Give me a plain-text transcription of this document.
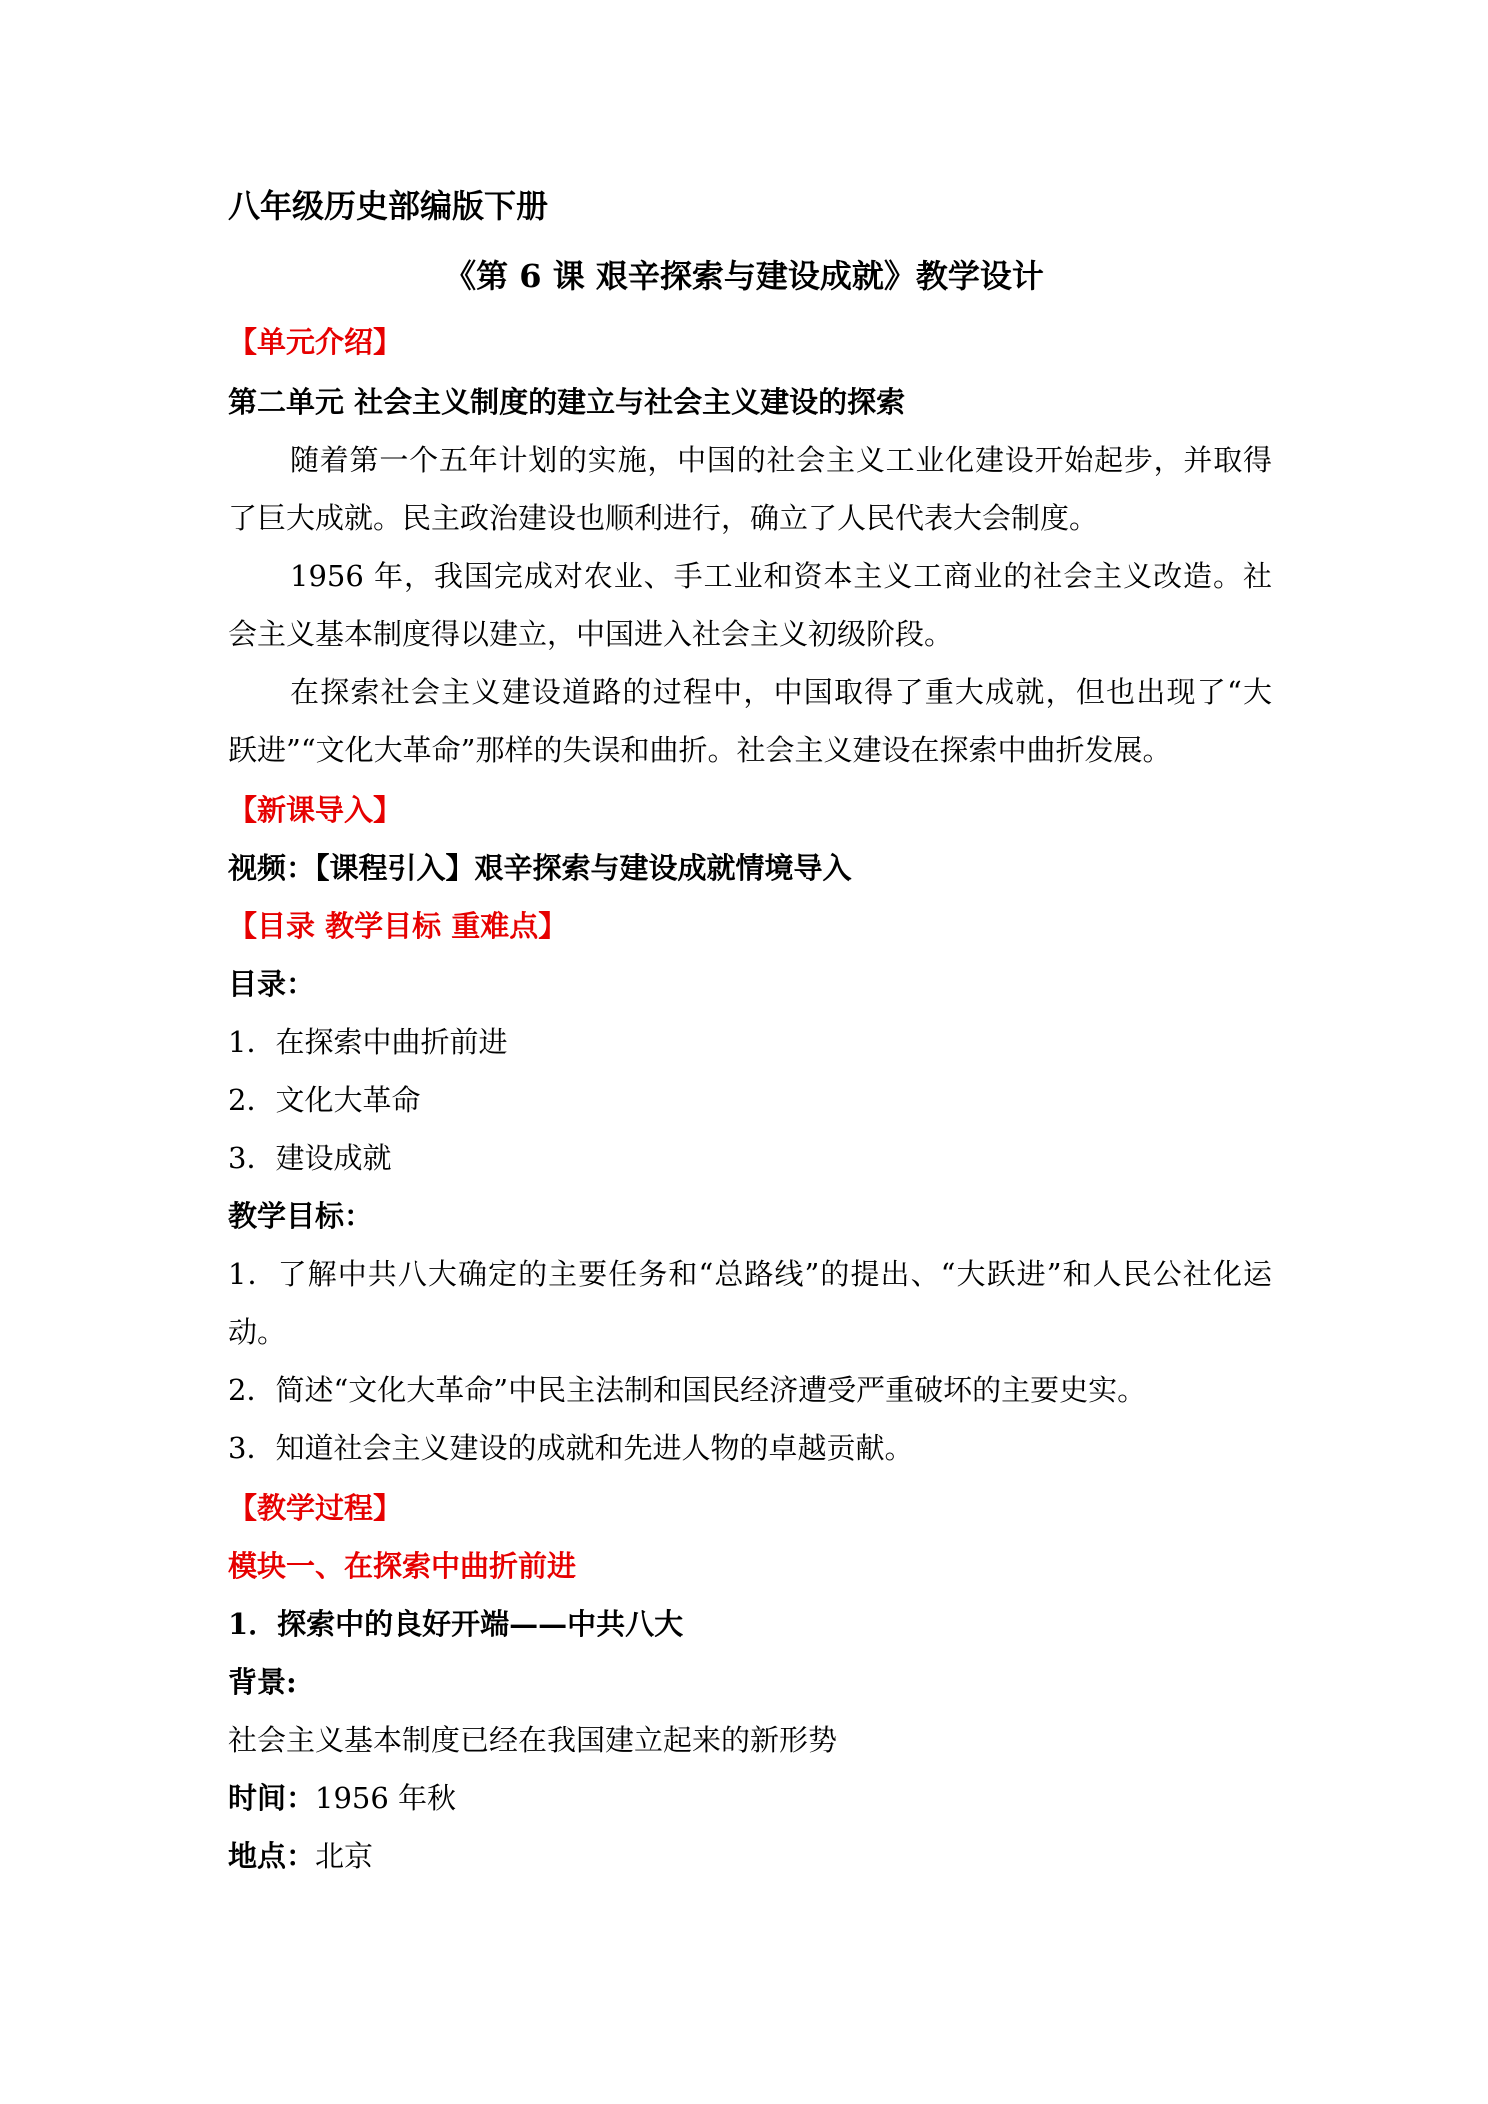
八年级历史部编版下册
《第 6 课 艰辛探索与建设成就》教学设计
【单元介绍】
第二单元 社会主义制度的建立与社会主义建设的探索
随着第一个五年计划的实施，中国的社会主义工业化建设开始起步，并取得
了巨大成就。民主政治建设也顺利进行，确立了人民代表大会制度。
1956 年，我国完成对农业、手工业和资本主义工商业的社会主义改造。社
会主义基本制度得以建立，中国进入社会主义初级阶段。
在探索社会主义建设道路的过程中，中国取得了重大成就，但也出现了“大
跃进”“文化大革命”那样的失误和曲折。社会主义建设在探索中曲折发展。
【新课导入】
视频：【课程引入】艰辛探索与建设成就情境导入
【目录 教学目标 重难点】
目录：
1．在探索中曲折前进
2．文化大革命
3．建设成就
教学目标：
1．了解中共八大确定的主要任务和“总路线”的提出、“大跃进”和人民公社化运
动。
2．简述“文化大革命”中民主法制和国民经济遭受严重破坏的主要史实。
3．知道社会主义建设的成就和先进人物的卓越贡献。
【教学过程】
模块一、在探索中曲折前进
1．探索中的良好开端——中共八大
背景:
社会主义基本制度已经在我国建立起来的新形势
时间：1956 年秋
地点：北京
